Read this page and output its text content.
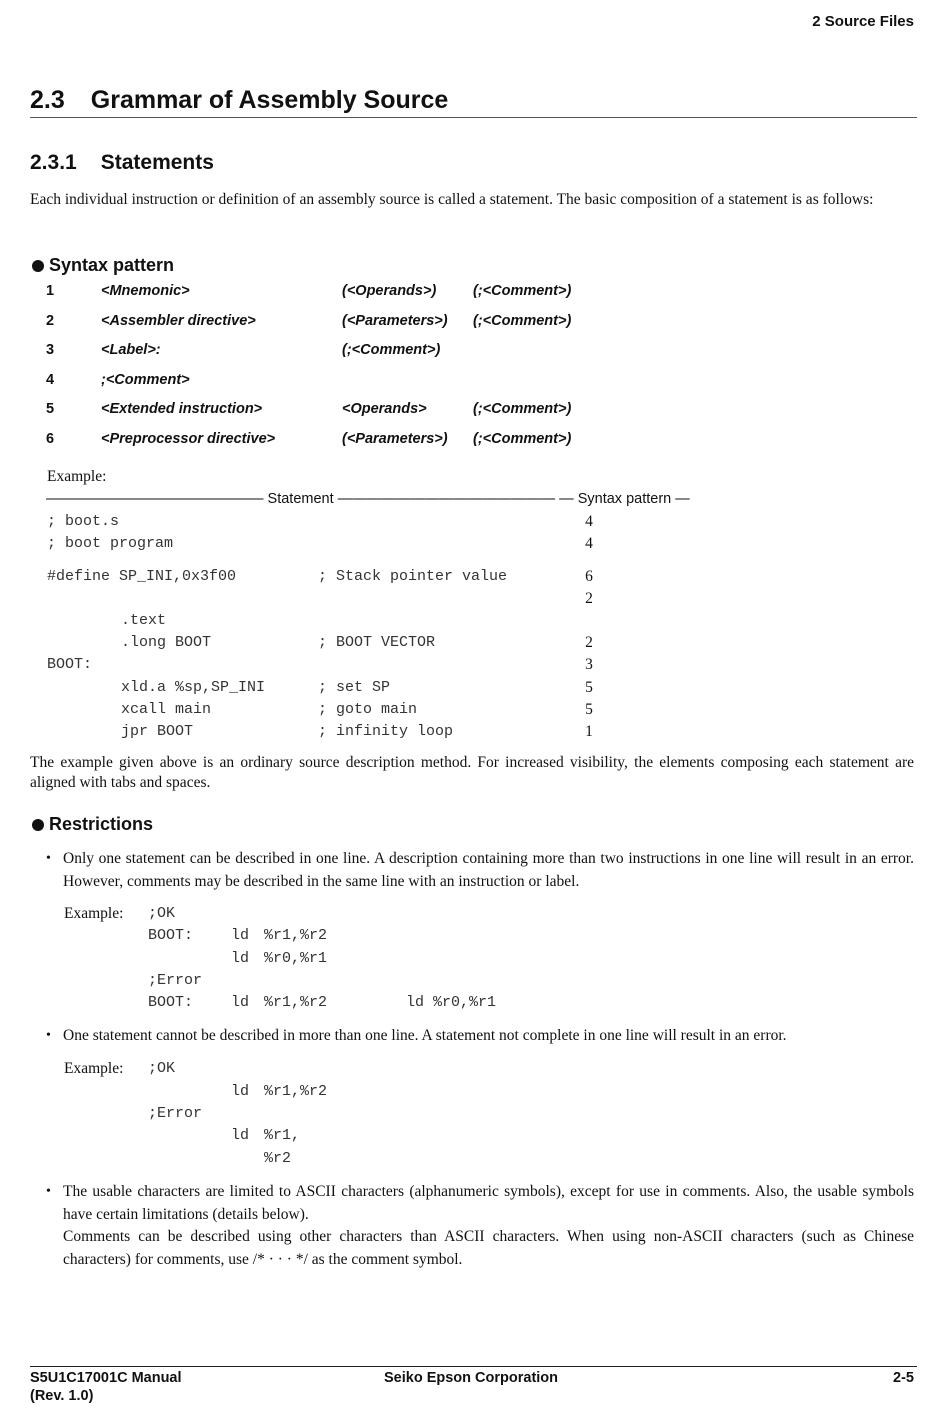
2 Source Files
2.3 Grammar of Assembly Source
2.3.1 Statements

Each individual instruction or definition of an assembly source is called a statement. The basic composition of a statement is as follows:

Syntax pattern
1	<Mnemonic>	(<Operands>)	(;<Comment>)
2	<Assembler directive>	(<Parameters>) (;<Comment>)
3	<Label>:	(;<Comment>)
4	;<Comment>
5	<Extended instruction>	<Operands>	(;<Comment>)
6	<Preprocessor directive>	(<Parameters>) (;<Comment>)
Example:
——————————————— Statement ——————————————— — Syntax pattern —
; boot.s	4
; boot program	4
#define SP_INI,0x3f00	; Stack pointer value	6
2
.text
.long BOOT	; BOOT VECTOR	2
BOOT:	3
xld.a %sp,SP_INI	; set SP	5
xcall main	; goto main	5
jpr BOOT	; infinity loop	1

The example given above is an ordinary source description method. For increased visibility, the elements composing each statement are aligned with tabs and spaces.

Restrictions
• Only one statement can be described in one line. A description containing more than two instructions in one line will result in an error. However, comments may be described in the same line with an instruction or label.

Example: ;OK
BOOT:	ld %r1,%r2
ld %r0,%r1
;Error
BOOT:	ld %r1,%r2	ld %r0,%r1
• One statement cannot be described in more than one line. A statement not complete in one line will result in an error.

Example: ;OK
ld %r1,%r2
;Error
ld %r1,
%r2
• The usable characters are limited to ASCII characters (alphanumeric symbols), except for use in comments. Also, the usable symbols have certain limitations (details below).

Comments can be described using other characters than ASCII characters. When using non-ASCII characters (such as Chinese characters) for comments, use /* · · · */ as the comment symbol.

S5U1C17001C Manual
(Rev. 1.0)
Seiko Epson Corporation	2-5
